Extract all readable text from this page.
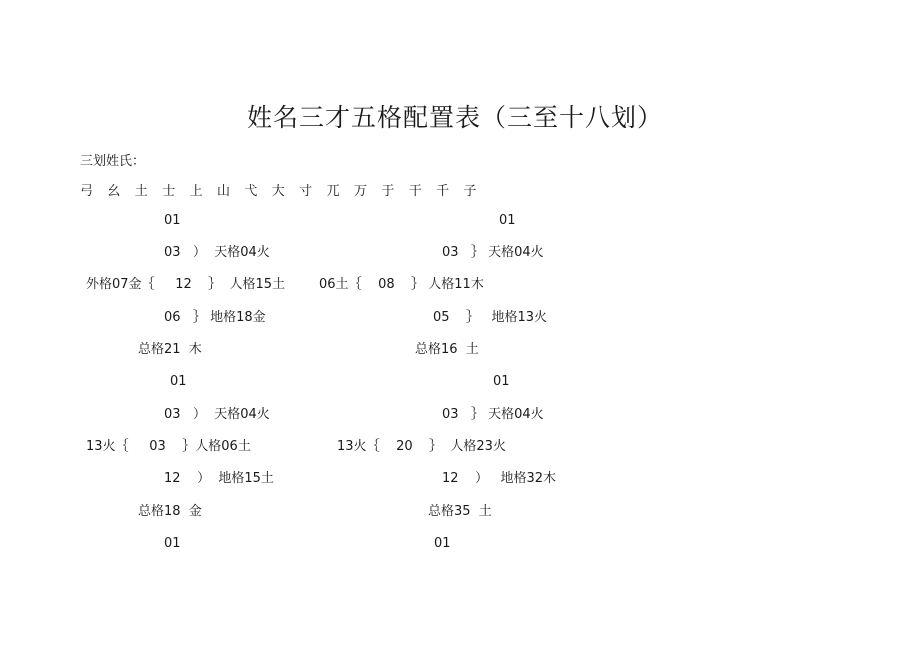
姓名三才五格配置表（三至十八划）
三划姓氏：
弓   幺   土   士   上   山   弋   大   寸   兀   万   于   干   千   子
01
03   ）  天格04火
外格07金｛     12    ｝  人格15土
06   ｝ 地格18金
总格21  木
01
03   ｝ 天格04火
06土｛    08    ｝ 人格11木
05    ｝   地格13火
总格16  土
01
03   ）  天格04火
13火｛     03    ｝人格06土
12    ）  地格15土
总格18  金
01
03   ｝ 天格04火
13火｛    20    ｝  人格23火
12    ）   地格32木
总格35  土
01	01
